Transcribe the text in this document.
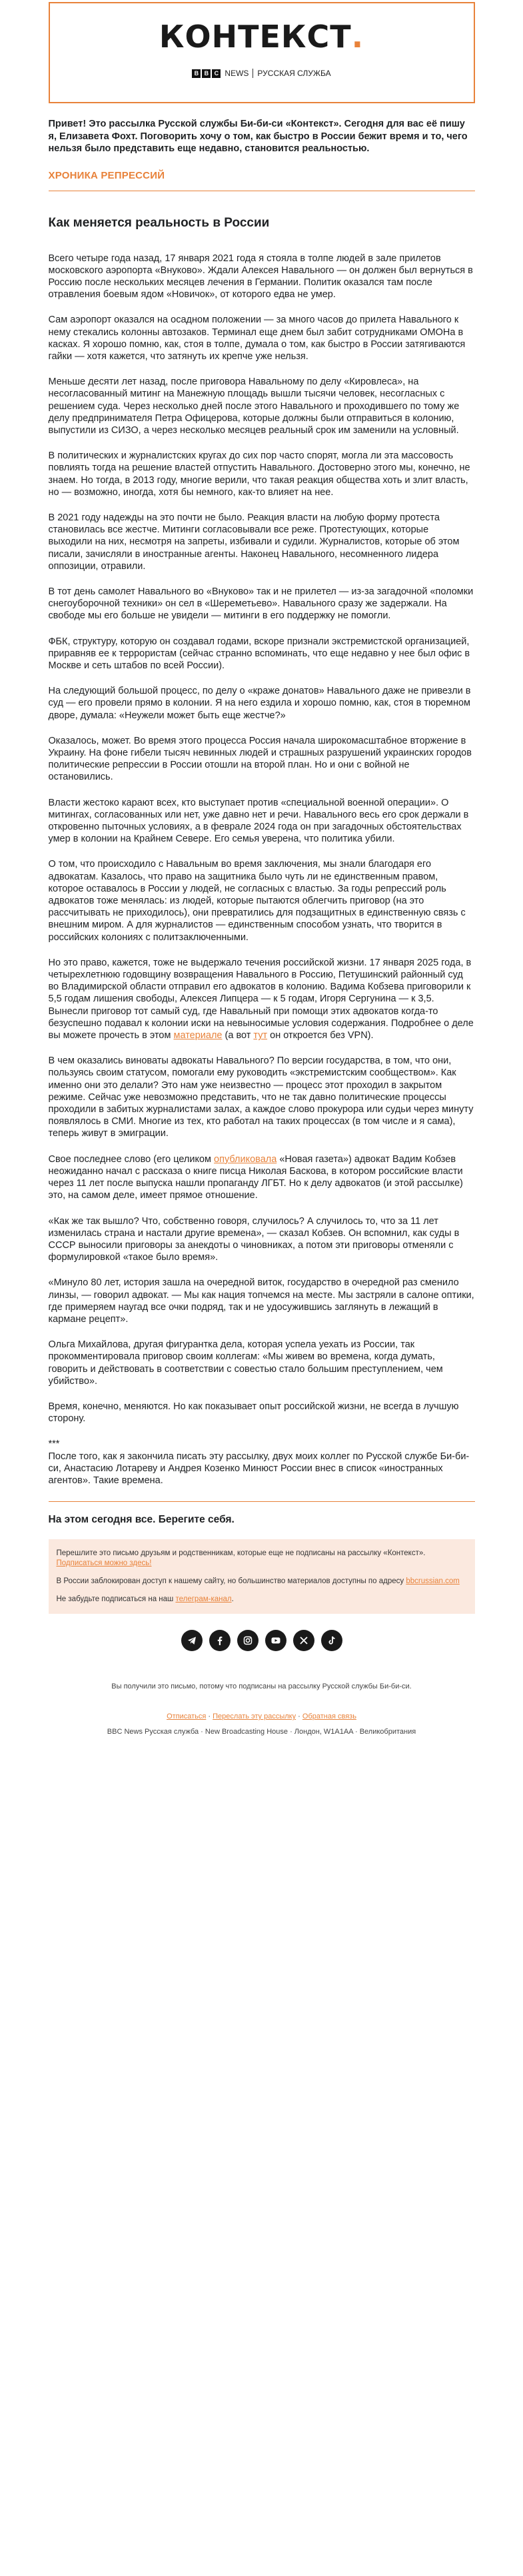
КОНТЕКСТ.
B B C NEWS РУССКАЯ СЛУЖБА
Привет! Это рассылка Русской службы Би-би-си «Контекст». Сегодня для вас её пишу я, Елизавета Фохт. Поговорить хочу о том, как быстро в России бежит время и то, чего нельзя было представить еще недавно, становится реальностью.
ХРОНИКА РЕПРЕССИЙ
Как меняется реальность в России

Всего четыре года назад, 17 января 2021 года я стояла в толпе людей в зале прилетов московского аэропорта «Внуково». Ждали Алексея Навального — он должен был вернуться в Россию после нескольких месяцев лечения в Германии. Политик оказался там после отравления боевым ядом «Новичок», от которого едва не умер.

Сам аэропорт оказался на осадном положении — за много часов до прилета Навального к нему стекались колонны автозаков. Терминал еще днем был забит сотрудниками ОМОНа в касках. Я хорошо помню, как, стоя в толпе, думала о том, как быстро в России затягиваются гайки — хотя кажется, что затянуть их крепче уже нельзя.

Меньше десяти лет назад, после приговора Навальному по делу «Кировлеса», на несогласованный митинг на Манежную площадь вышли тысячи человек, несогласных с решением суда. Через несколько дней после этого Навального и проходившего по тому же делу предпринимателя Петра Офицерова, которые должны были отправиться в колонию, выпустили из СИЗО, а через несколько месяцев реальный срок им заменили на условный.

В политических и журналистских кругах до сих пор часто спорят, могла ли эта массовость повлиять тогда на решение властей отпустить Навального. Достоверно этого мы, конечно, не знаем. Но тогда, в 2013 году, многие верили, что такая реакция общества хоть и злит власть, но — возможно, иногда, хотя бы немного, как-то влияет на нее.

В 2021 году надежды на это почти не было. Реакция власти на любую форму протеста становилась все жестче. Митинги согласовывали все реже. Протестующих, которые выходили на них, несмотря на запреты, избивали и судили. Журналистов, которые об этом писали, зачисляли в иностранные агенты. Наконец Навального, несомненного лидера оппозиции, отравили.

В тот день самолет Навального во «Внуково» так и не прилетел — из-за загадочной «поломки снегоуборочной техники» он сел в «Шереметьево». Навального сразу же задержали. На свободе мы его больше не увидели — митинги в его поддержку не помогли.

ФБК, структуру, которую он создавал годами, вскоре признали экстремистской организацией, приравняв ее к террористам (сейчас странно вспоминать, что еще недавно у нее был офис в Москве и сеть штабов по всей России).

На следующий большой процесс, по делу о «краже донатов» Навального даже не привезли в суд — его провели прямо в колонии. Я на него ездила и хорошо помню, как, стоя в тюремном дворе, думала: «Неужели может быть еще жестче?»

Оказалось, может. Во время этого процесса Россия начала широкомасштабное вторжение в Украину. На фоне гибели тысяч невинных людей и страшных разрушений украинских городов политические репрессии в России отошли на второй план. Но и они с войной не остановились.

Власти жестоко карают всех, кто выступает против «специальной военной операции». О митингах, согласованных или нет, уже давно нет и речи. Навального весь его срок держали в откровенно пыточных условиях, а в феврале 2024 года он при загадочных обстоятельствах умер в колонии на Крайнем Севере. Его семья уверена, что политика убили.

О том, что происходило с Навальным во время заключения, мы знали благодаря его адвокатам. Казалось, что право на защитника было чуть ли не единственным правом, которое оставалось в России у людей, не согласных с властью. За годы репрессий роль адвокатов тоже менялась: из людей, которые пытаются облегчить приговор (на это рассчитывать не приходилось), они превратились для подзащитных в единственную связь с внешним миром. А для журналистов — единственным способом узнать, что творится в российских колониях с политзаключенными.

Но это право, кажется, тоже не выдержало течения российской жизни. 17 января 2025 года, в четырехлетнюю годовщину возвращения Навального в Россию, Петушинский районный суд во Владимирской области отправил его адвокатов в колонию. Вадима Кобзева приговорили к 5,5 годам лишения свободы, Алексея Липцера — к 5 годам, Игоря Сергунина — к 3,5. Вынесли приговор тот самый суд, где Навальный при помощи этих адвокатов когда-то безуспешно подавал к колонии иски на невыносимые условия содержания. Подробнее о деле вы можете прочесть в этом материале (а вот тут он откроется без VPN).

В чем оказались виноваты адвокаты Навального? По версии государства, в том, что они, пользуясь своим статусом, помогали ему руководить «экстремистским сообществом». Как именно они это делали? Это нам уже неизвестно — процесс этот проходил в закрытом режиме. Сейчас уже невозможно представить, что не так давно политические процессы проходили в забитых журналистами залах, а каждое слово прокурора или судьи через минуту появлялось в СМИ. Многие из тех, кто работал на таких процессах (в том числе и я сама), теперь живут в эмиграции.

Свое последнее слово (его целиком опубликовала «Новая газета») адвокат Вадим Кобзев неожиданно начал с рассказа о книге писца Николая Баскова, в котором российские власти через 11 лет после выпуска нашли пропаганду ЛГБТ. Но к делу адвокатов (и этой рассылке) это, на самом деле, имеет прямое отношение.

«Как же так вышло? Что, собственно говоря, случилось? А случилось то, что за 11 лет изменилась страна и настали другие времена», — сказал Кобзев. Он вспомнил, как суды в СССР выносили приговоры за анекдоты о чиновниках, а потом эти приговоры отменяли с формулировкой «такое было время».

«Минуло 80 лет, история зашла на очередной виток, государство в очередной раз сменило линзы, — говорил адвокат. — Мы как нация топчемся на месте. Мы застряли в салоне оптики, где примеряем наугад все очки подряд, так и не удосужившись заглянуть в лежащий в кармане рецепт».

Ольга Михайлова, другая фигурантка дела, которая успела уехать из России, так прокомментировала приговор своим коллегам: «Мы живем во времена, когда думать, говорить и действовать в соответствии с совестью стало большим преступлением, чем убийство».

Время, конечно, меняются. Но как показывает опыт российской жизни, не всегда в лучшую сторону.

***
После того, как я закончила писать эту рассылку, двух моих коллег по Русской службе Би-би-си, Анастасию Лотареву и Андрея Козенко Минюст России внес в список «иностранных агентов». Такие времена.

На этом сегодня все. Берегите себя.

Перешлите это письмо друзьям и родственникам, которые еще не подписаны на рассылку «Контекст». Подписаться можно здесь!

В России заблокирован доступ к нашему сайту, но большинство материалов доступны по адресу bbcrussian.com

Не забудьте подписаться на наш телеграм-канал.

Вы получили это письмо, потому что подписаны на рассылку Русской службы Би-би-си.
Отписаться · Переслать эту рассылку · Обратная связь
BBC News Русская служба · New Broadcasting House · Лондон, W1A1AA · Великобритания
